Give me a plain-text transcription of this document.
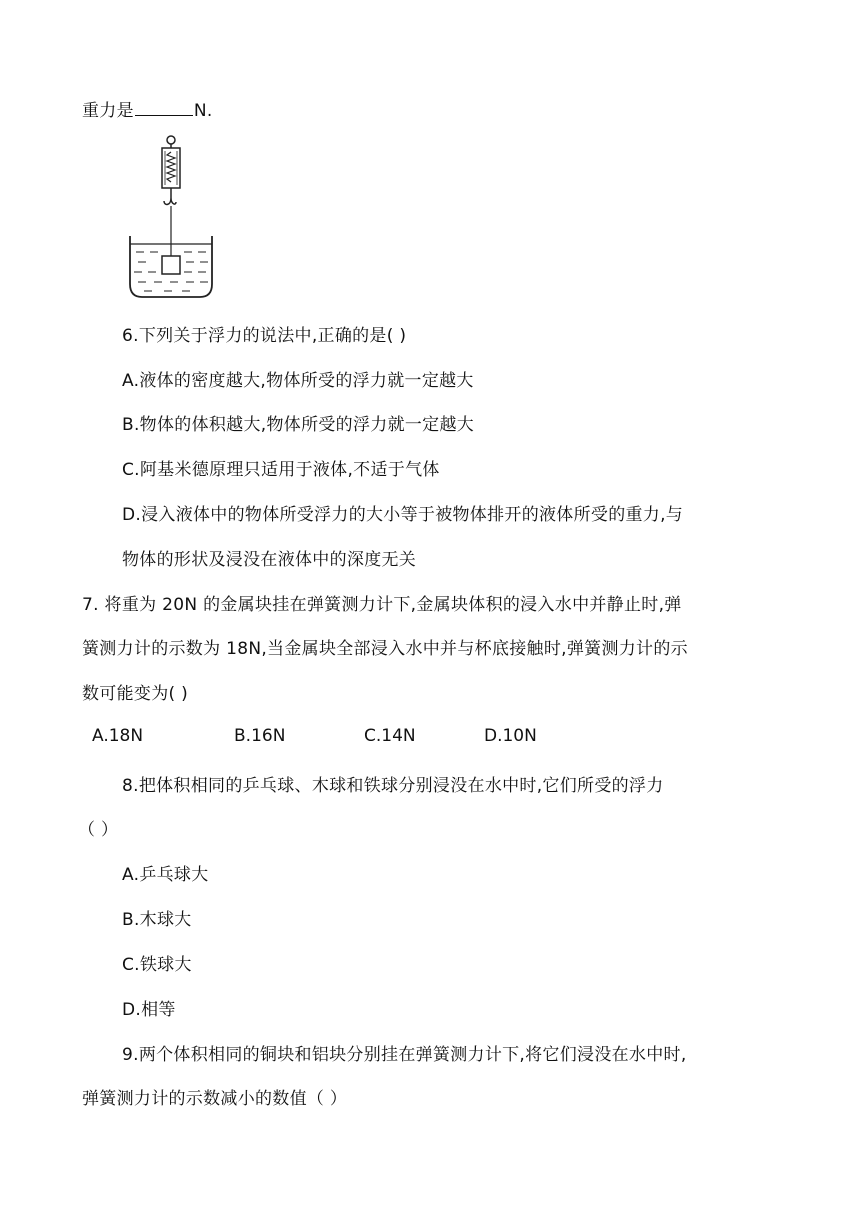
重力是	N.
6.下列关于浮力的说法中,正确的是( )
A.液体的密度越大,物体所受的浮力就一定越大
B.物体的体积越大,物体所受的浮力就一定越大
C.阿基米德原理只适用于液体,不适于气体
D.浸入液体中的物体所受浮力的大小等于被物体排开的液体所受的重力,与
物体的形状及浸没在液体中的深度无关
7. 将重为 20N 的金属块挂在弹簧测力计下,金属块体积的浸入水中并静止时,弹
簧测力计的示数为 18N,当金属块全部浸入水中并与杯底接触时,弹簧测力计的示
数可能变为( )
A.18N	B.16N	C.14N	D.10N
8.把体积相同的乒乓球、木球和铁球分别浸没在水中时,它们所受的浮力
（ ）
A.乒乓球大
B.木球大
C.铁球大
D.相等
9.两个体积相同的铜块和铝块分别挂在弹簧测力计下,将它们浸没在水中时,
弹簧测力计的示数减小的数值（ ）
